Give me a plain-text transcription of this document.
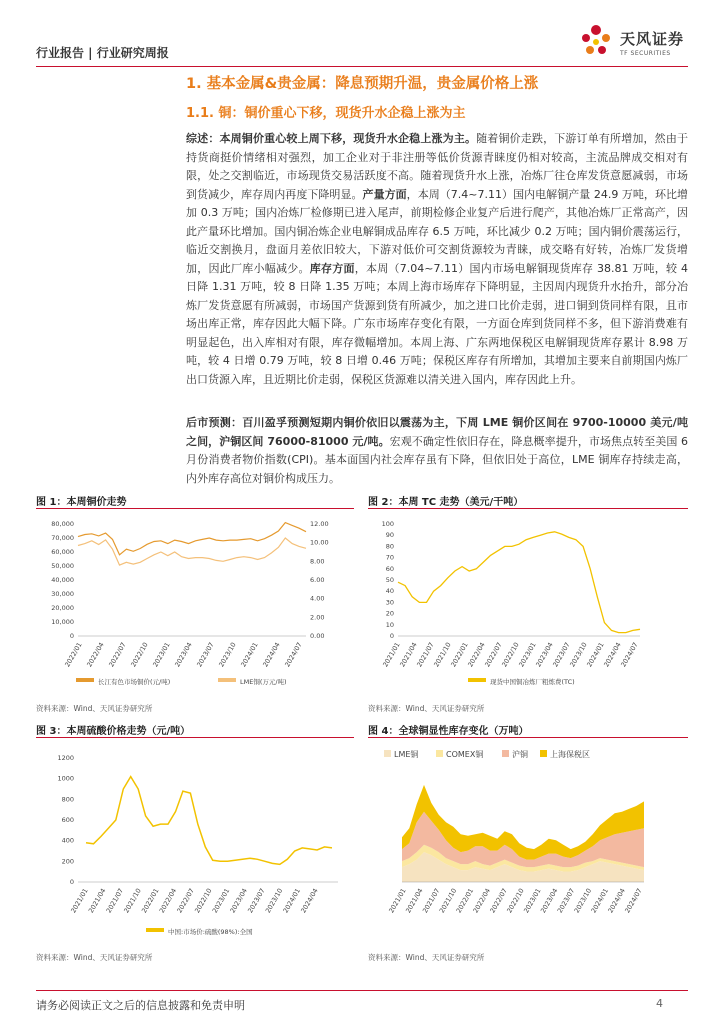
行业报告 | 行业研究周报
天风证券
TF SECURITIES
1. 基本金属&贵金属：降息预期升温，贵金属价格上涨
1.1. 铜：铜价重心下移，现货升水企稳上涨为主

综述：本周铜价重心较上周下移，现货升水企稳上涨为主。随着铜价走跌，下游订单有所增加，然由于持货商挺价情绪相对强烈，加工企业对于非注册等低价货源青睐度仍相对较高，主流品牌成交相对有限，处之交割临近，市场现货交易活跃度不高。随着现货升水上涨，冶炼厂往仓库发货意愿减弱，市场到货减少，库存周内再度下降明显。产量方面，本周（7.4~7.11）国内电解铜产量 24.9 万吨，环比增加 0.3 万吨；国内冶炼厂检修期已进入尾声，前期检修企业复产后进行爬产，其他冶炼厂正常高产，因此产量环比增加。国内铜冶炼企业电解铜成品库存 6.5 万吨，环比减少 0.2 万吨；国内铜价震荡运行，临近交割换月，盘面月差依旧较大，下游对低价可交割货源较为青睐，成交略有好转，冶炼厂发货增加，因此厂库小幅减少。库存方面，本周（7.04~7.11）国内市场电解铜现货库存 38.81 万吨，较 4 日降 1.31 万吨，较 8 日降 1.35 万吨；本周上海市场库存下降明显，主因周内现货升水抬升，部分冶炼厂发货意愿有所减弱，市场国产货源到货有所减少，加之进口比价走弱，进口铜到货同样有限，且市场出库正常，库存因此大幅下降。广东市场库存变化有限，一方面仓库到货同样不多，但下游消费难有明显起色，出入库相对有限，库存微幅增加。本周上海、广东两地保税区电解铜现货库存累计 8.98 万吨，较 4 日增 0.79 万吨，较 8 日增 0.46 万吨；保税区库存有所增加，其增加主要来自前期国内炼厂出口货源入库，且近期比价走弱，保税区货源难以清关进入国内，库存因此上升。

后市预测：百川盈孚预测短期内铜价依旧以震荡为主，下周 LME 铜价区间在 9700-10000 美元/吨之间，沪铜区间 76000-81000 元/吨。宏观不确定性依旧存在，降息概率提升，市场焦点转至美国 6 月份消费者物价指数(CPI)。基本面国内社会库存虽有下降，但依旧处于高位，LME 铜库存持续走高，内外库存高位对铜价构成压力。

图 1：本周铜价走势
0
10,000
20,000
30,000
40,000
50,000
60,000
70,000
80,000
0.00
2.00
4.00
6.00
8.00
10.00
12.00
2022/01 2022/04 2022/07 2022/10 2023/01 2023/04 2023/07 2023/10 2024/01 2024/04 2024/07
长江有色市场铜价(元/吨)	LME铜(万元/吨)
资料来源：Wind、天风证券研究所
图 2：本周 TC 走势（美元/干吨）
0
10
20
30
40
50
60
70
80
90
100
2021/01
2021/04
2021/07
2021/10
2022/01
2022/04
2022/07
2022/10
2023/01
2023/04
2023/07
2023/10
2024/01
2024/04
2024/07
现货中国铜冶炼厂粗炼费(TC)
资料来源：Wind、天风证券研究所
图 3：本周硫酸价格走势（元/吨）
0
200
400
600
800
1000
1200
2021/01
2021/04
2021/07
2021/10
2022/01
2022/04
2022/07
2022/10
2023/01
2023/04
2023/07
2023/10
2024/01
2024/04
中国:市场价:硫酸(98%):全国
资料来源：Wind、天风证券研究所
图 4：全球铜显性库存变化（万吨）
2021/01
2021/04
2021/07
2021/10
2022/01
2022/04
2022/07
2022/10
2023/01
2023/04
2023/07
2023/10
2024/01
2024/04
2024/07
LME铜	COMEX铜	沪铜	上海保税区
资料来源：Wind、天风证券研究所
请务必阅读正文之后的信息披露和免责申明	4
